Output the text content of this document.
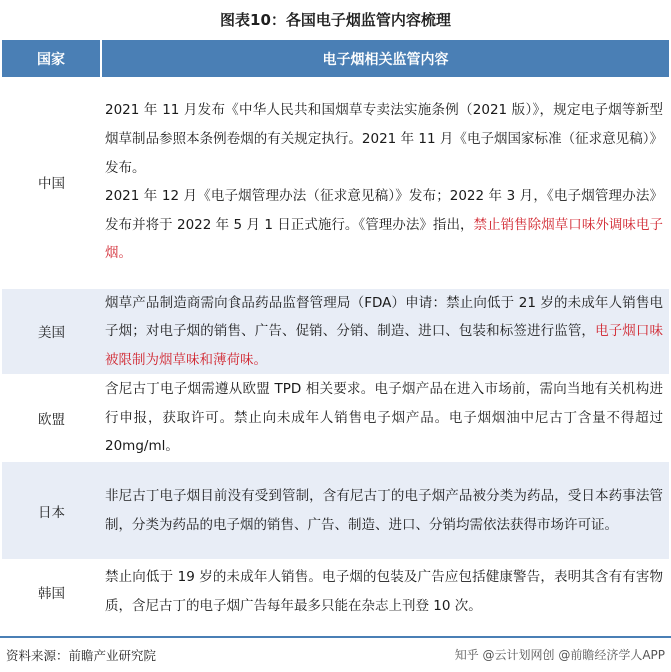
图表10：各国电子烟监管内容梳理
国家	电子烟相关监管内容
中国	2021 年 11 月发布《中华人民共和国烟草专卖法实施条例（2021 版）》，规定电子烟等新型烟草制品参照本条例卷烟的有关规定执行。2021 年 11 月《电子烟国家标准（征求意见稿）》发布。
2021 年 12 月《电子烟管理办法（征求意见稿）》发布；2022 年 3 月，《电子烟管理办法》发布并将于 2022 年 5 月 1 日正式施行。《管理办法》指出，禁止销售除烟草口味外调味电子烟。

美国	烟草产品制造商需向食品药品监督管理局（FDA）申请：禁止向低于 21 岁的未成年人销售电子烟；对电子烟的销售、广告、促销、分销、制造、进口、包装和标签进行监管，电子烟口味被限制为烟草味和薄荷味。

欧盟	含尼古丁电子烟需遵从欧盟 TPD 相关要求。电子烟产品在进入市场前，需向当地有关机构进行申报，获取许可。禁止向未成年人销售电子烟产品。电子烟烟油中尼古丁含量不得超过 20mg/ml。

日本	非尼古丁电子烟目前没有受到管制，含有尼古丁的电子烟产品被分类为药品，受日本药事法管制，分类为药品的电子烟的销售、广告、制造、进口、分销均需依法获得市场许可证。

韩国	禁止向低于 19 岁的未成年人销售。电子烟的包装及广告应包括健康警告，表明其含有有害物质，含尼古丁的电子烟广告每年最多只能在杂志上刊登 10 次。
资料来源：前瞻产业研究院	知乎 @云计划网创 @前瞻经济学人APP
